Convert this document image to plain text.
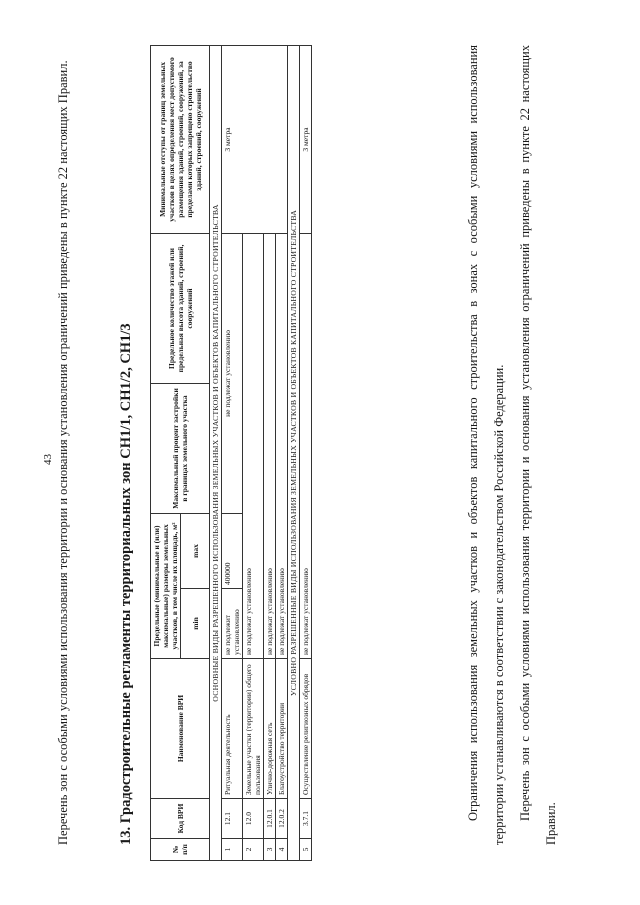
43 Перечень зон с особыми условиями использования территории и основания установления ограничений приведены в пункте 22 настоящих Правил.	13. Градостроительные регламенты территориальных зон СН1/1, СН1/2, СН1/3
№ п/п	Код ВРИ	Наименование ВРИ	Предельные (минимальные и (или) максимальные) размеры земельных участков, в том числе их площадь, м²		Максимальный процент застройки в границах земельного участка	Предельное количество этажей или предельная высота зданий, строений, сооружений	Минимальные отступы от границ земельных участков в целях определения мест допустимого размещения зданий, строений, сооружений, за пределами которых запрещено строительство зданий, строений, сооружений
			min	max			
ОСНОВНЫЕ ВИДЫ РАЗРЕШЕННОГО ИСПОЛЬЗОВАНИЯ ЗЕМЕЛЬНЫХ УЧАСТКОВ И ОБЪЕКТОВ КАПИТАЛЬНОГО СТРОИТЕЛЬСТВА							
1	12.1	Ритуальная деятельность	не подлежит установлению	400000	не подлежат установлению		3 метра
2	12.0	Земельные участки (территории) общего пользования	не подлежат установлению				
3	12.0.1	Улично-дорожная сеть	не подлежат установлению				
4	12.0.2	Благоустройство территории	не подлежат установлению				
УСЛОВНО РАЗРЕШЕННЫЕ ВИДЫ ИСПОЛЬЗОВАНИЯ ЗЕМЕЛЬНЫХ УЧАСТКОВ И ОБЪЕКТОВ КАПИТАЛЬНОГО СТРОИТЕЛЬСТВА							
5	3.7.1	Осуществление религиозных обрядов	не подлежат установлению				3 метра	Ограничения использования земельных участков и объектов капитального строительства в зонах с особыми условиями использования территории устанавливаются в соответствии с законодательством Российской Федерации. Перечень зон с особыми условиями использования территории и основания установления ограничений приведены в пункте 22 настоящих Правил.
